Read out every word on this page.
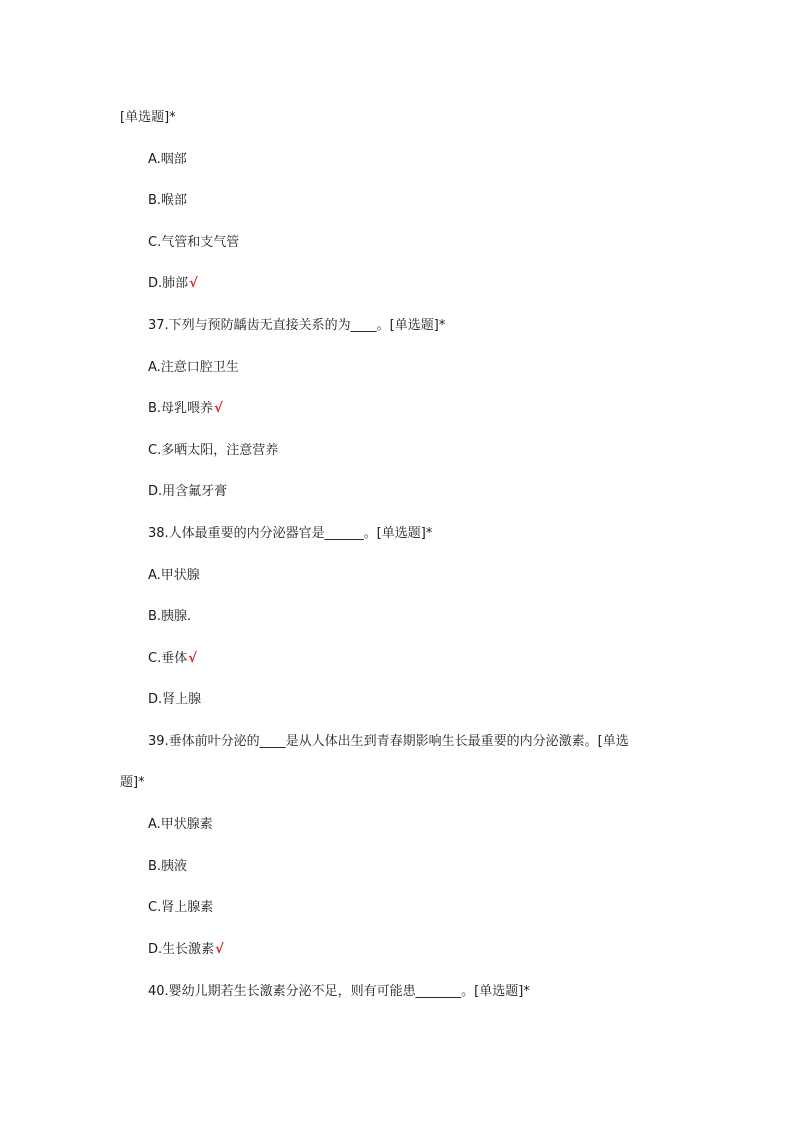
[单选题]*
A.咽部
B.喉部
C.气管和支气管
D.肺部√
37.下列与预防龋齿无直接关系的为____。[单选题]*
A.注意口腔卫生
B.母乳喂养√
C.多晒太阳，注意营养
D.用含氟牙膏
38.人体最重要的内分泌器官是______。[单选题]*
A.甲状腺
B.胰腺.
C.垂体√
D.肾上腺
39.垂体前叶分泌的____是从人体出生到青春期影响生长最重要的内分泌激素。[单选
题]*
A.甲状腺素
B.胰液
C.肾上腺素
D.生长激素√
40.婴幼儿期若生长激素分泌不足，则有可能患_______。[单选题]*
